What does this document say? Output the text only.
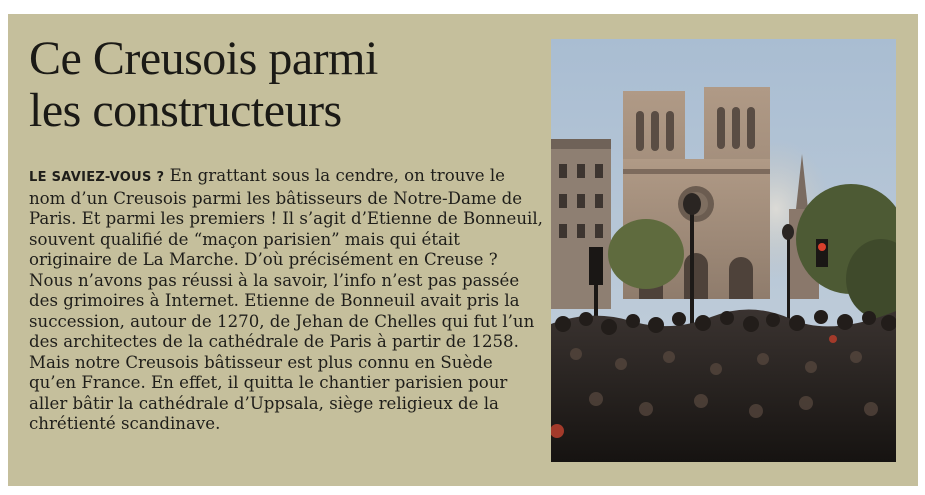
Ce Creusois parmi
les constructeurs

LE SAVIEZ-VOUS ? En grattant sous la cendre, on trouve le nom d’un Creusois parmi les bâtisseurs de Notre-Dame de Paris. Et parmi les premiers ! Il s’agit d’Etienne de Bonneuil, souvent qualifié de “maçon parisien” mais qui était originaire de La Marche. D’où précisément en Creuse ? Nous n’avons pas réussi à la savoir, l’info n’est pas passée des grimoires à Internet. Etienne de Bonneuil avait pris la succession, autour de 1270, de Jehan de Chelles qui fut l’un des architectes de la cathédrale de Paris à partir de 1258. Mais notre Creusois bâtisseur est plus connu en Suède qu’en France. En effet, il quitta le chantier parisien pour aller bâtir la cathédrale d’Uppsala, siège religieux de la chrétienté scandinave.
